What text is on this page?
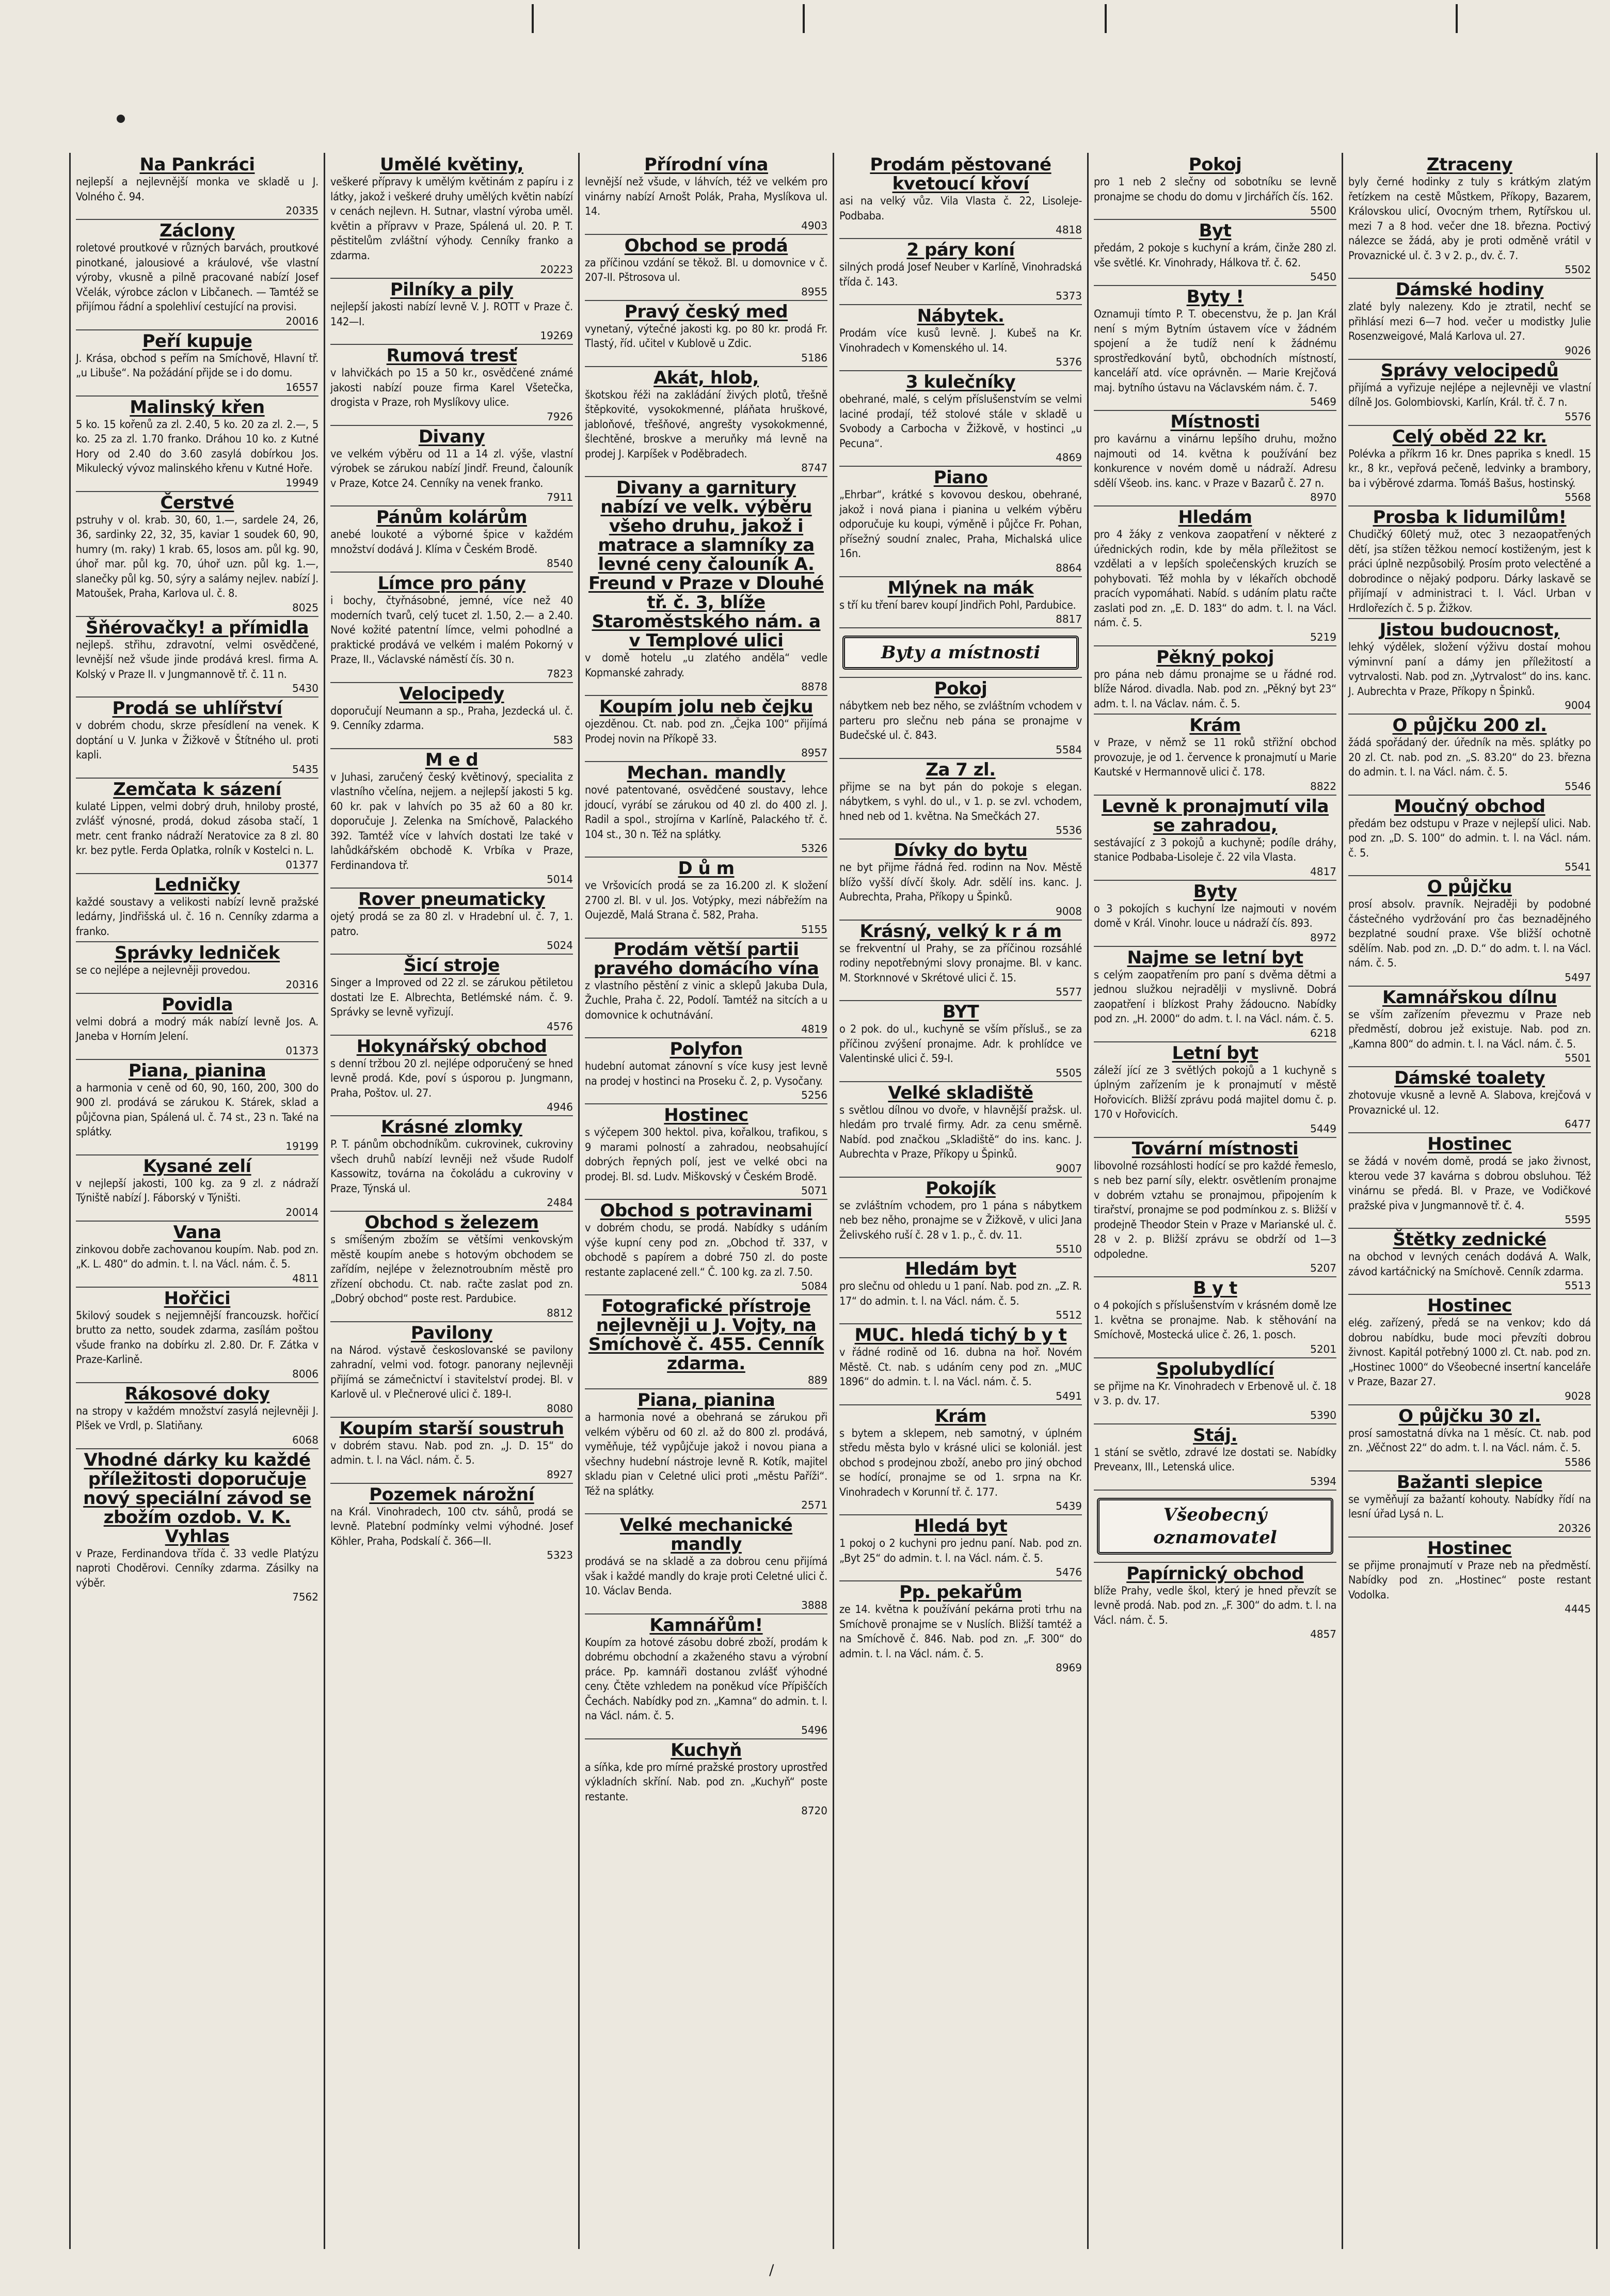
Na Pankráci

nejlepší a nejlevnější monka ve skladě u J. Volného č. 94.

20335
Záclony

roletové proutkové v různých barvách, proutkové pinotkané, jalousiové a kráulové, vše vlastní výroby, vkusně a pilně pracované nabízí Josef Včelák, výrobce záclon v Libčanech. — Tamtéž se přijímou řádní a spolehliví cestující na provisi.

20016
Peří kupuje

J. Krása, obchod s peřím na Smíchově, Hlavní tř. „u Libuše“. Na požádání přijde se i do domu.

16557
Malinský křen

5 ko. 15 kořenů za zl. 2.40, 5 ko. 20 za zl. 2.—, 5 ko. 25 za zl. 1.70 franko. Dráhou 10 ko. z Kutné Hory od 2.40 do 3.60 zasylá dobírkou Jos. Mikulecký vývoz malinského křenu v Kutné Hoře.

19949
Čerstvé

pstruhy v ol. krab. 30, 60, 1.—, sardele 24, 26, 36, sardinky 22, 32, 35, kaviar 1 soudek 60, 90, humry (m. raky) 1 krab. 65, losos am. půl kg. 90, úhoř mar. půl kg. 70, úhoř uzn. půl kg. 1.—, slanečky půl kg. 50, sýry a salámy nejlev. nabízí J. Matoušek, Praha, Karlova ul. č. 8.

8025
Šňérovačky! a přímidla

nejlepš. střihu, zdravotní, velmi osvědčené, levnější než všude jinde prodává kresl. firma A. Kolský v Praze II. v Jungmannově tř. č. 11 n.

5430
Prodá se uhlířství

v dobrém chodu, skrze přesídlení na venek. K doptání u V. Junka v Žižkově v Štítného ul. proti kapli.

5435
Zemčata k sázení

kulaté Lippen, velmi dobrý druh, hniloby prosté, zvlášť výnosné, prodá, dokud zásoba stačí, 1 metr. cent franko nádraží Neratovice za 8 zl. 80 kr. bez pytle. Ferda Oplatka, rolník v Kostelci n. L.

01377
Ledničky

každé soustavy a velikosti nabízí levně pražské ledárny, Jindřišská ul. č. 16 n. Cenníky zdarma a franko.

Správky ledniček

se co nejlépe a nejlevněji provedou.

20316
Povidla

velmi dobrá a modrý mák nabízí levně Jos. A. Janeba v Horním Jelení.

01373
Piana, pianina

a harmonia v ceně od 60, 90, 160, 200, 300 do 900 zl. prodává se zárukou K. Stárek, sklad a půjčovna pian, Spálená ul. č. 74 st., 23 n. Také na splátky.

19199
Kysané zelí

v nejlepší jakosti, 100 kg. za 9 zl. z nádraží Týniště nabízí J. Fáborský v Týništi.

20014
Vana

zinkovou dobře zachovanou koupím. Nab. pod zn. „K. L. 480“ do admin. t. l. na Václ. nám. č. 5.

4811
Hořčici

5kilový soudek s nejjemnější francouzsk. hořčicí brutto za netto, soudek zdarma, zasílám poštou všude franko na dobírku zl. 2.80. Dr. F. Zátka v Praze-Karlině.

8006
Rákosové doky

na stropy v každém množství zasylá nejlevněji J. Plšek ve Vrdl, p. Slatiňany.

6068
Vhodné dárky ku každé příležitosti doporučuje nový speciální závod se zbožím ozdob. V. K. Vyhlas

v Praze, Ferdinandova třída č. 33 vedle Platýzu naproti Choděrovi. Cenníky zdarma. Zásilky na výběr.

7562
Umělé květiny,

veškeré přípravy k umělým květinám z papíru i z látky, jakož i veškeré druhy umělých květin nabízí v cenách nejlevn. H. Sutnar, vlastní výroba uměl. květin a přípravv v Praze, Spálená ul. 20. P. T. pěstitelům zvláštní výhody. Cenníky franko a zdarma.

20223
Pilníky a pily

nejlepší jakosti nabízí levně V. J. ROTT v Praze č. 142—I.

19269
Rumová tresť

v lahvičkách po 15 a 50 kr., osvědčené známé jakosti nabízí pouze firma Karel Všetečka, drogista v Praze, roh Myslíkovy ulice.

7926
Divany

ve velkém výběru od 11 a 14 zl. výše, vlastní výrobek se zárukou nabízí Jindř. Freund, čalouník v Praze, Kotce 24. Cenníky na venek franko.

7911
Pánům kolárům

anebé loukoté a výborné špice v každém množství dodává J. Klíma v Českém Brodě.

8540
Límce pro pány

i bochy, čtyřnásobné, jemné, více než 40 moderních tvarů, celý tucet zl. 1.50, 2.— a 2.40. Nové kožité patentní límce, velmi pohodlné a praktické prodává ve velkém i malém Pokorný v Praze, II., Václavské náměstí čís. 30 n.

7823
Velocipedy

doporučují Neumann a sp., Praha, Jezdecká ul. č. 9. Cenníky zdarma.

583
M e d

v Juhasi, zaručený český květinový, specialita z vlastního včelína, nejjem. a nejlepší jakosti 5 kg. 60 kr. pak v lahvích po 35 až 60 a 80 kr. doporučuje J. Zelenka na Smíchově, Palackého 392. Tamtéž více v lahvích dostati lze také v lahůdkářském obchodě K. Vrbíka v Praze, Ferdinandova tř.

5014
Rover pneumaticky

ojetý prodá se za 80 zl. v Hradební ul. č. 7, 1. patro.

5024
Šicí stroje

Singer a Improved od 22 zl. se zárukou pětiletou dostati lze E. Albrechta, Betlémské nám. č. 9. Správky se levně vyřizují.

4576
Hokynářský obchod

s denní tržbou 20 zl. nejlépe odporučený se hned levně prodá. Kde, poví s úsporou p. Jungmann, Praha, Poštov. ul. 27.

4946
Krásné zlomky

P. T. pánům obchodníkům. cukrovinek, cukroviny všech druhů nabízí levněji než všude Rudolf Kassowitz, továrna na čokoládu a cukroviny v Praze, Týnská ul.

2484
Obchod s železem

s smíšeným zbožím se většími venkovským městě koupím anebe s hotovým obchodem se zařídím, nejlépe v železnotroubním městě pro zřízení obchodu. Ct. nab. račte zaslat pod zn. „Dobrý obchod“ poste rest. Pardubice.

8812
Pavilony

na Národ. výstavě českoslovanské se pavilony zahradní, velmi vod. fotogr. panorany nejlevněji přijímá se zámečnictví i stavitelství prodej. Bl. v Karlově ul. v Plečnerové ulici č. 189-I.

8080
Koupím starší soustruh

v dobrém stavu. Nab. pod zn. „J. D. 15“ do admin. t. l. na Václ. nám. č. 5.

8927
Pozemek nárožní

na Král. Vinohradech, 100 ctv. sáhů, prodá se levně. Platební podmínky velmi výhodné. Josef Köhler, Praha, Podskalí č. 366—II.

5323
Přírodní vína

levnější než všude, v láhvích, též ve velkém pro vinárny nabízí Arnošt Polák, Praha, Myslíkova ul. 14.

4903
Obchod se prodá

za příčinou vzdání se těkož. Bl. u domovnice v č. 207-II. Pštrosova ul.

8955
Pravý český med

vynetaný, výtečné jakosti kg. po 80 kr. prodá Fr. Tlastý, říd. učitel v Kublově u Zdic.

5186
Akát, hlob,

škotskou řéži na zakládání živých plotů, třešně štěpkovité, vysokokmenné, pláňata hruškové, jabloňové, třešňové, angrešty vysokokmenné, šlechtěné, broskve a meruňky má levně na prodej J. Karpíšek v Poděbradech.

8747
Divany a garnitury nabízí ve velk. výběru všeho druhu, jakož i matrace a slamníky za levné ceny čalouník A. Freund v Praze v Dlouhé tř. č. 3, blíže Staroměstského nám. a v Templové ulici

v domě hotelu „u zlatého anděla“ vedle Kopmanské zahrady.

8878
Koupím jolu neb čejku

ojezděnou. Ct. nab. pod zn. „Čejka 100“ přijímá Prodej novin na Příkopě 33.

8957
Mechan. mandly

nové patentované, osvědčené soustavy, lehce jdoucí, vyrábí se zárukou od 40 zl. do 400 zl. J. Radil a spol., strojírna v Karlíně, Palackého tř. č. 104 st., 30 n. Též na splátky.

5326
D ů m

ve Vršovicích prodá se za 16.200 zl. K složení 2700 zl. Bl. v ul. Jos. Votýpky, mezi nábřežím na Oujezdě, Malá Strana č. 582, Praha.

5155
Prodám větší partii pravého domácího vína

z vlastního pěstění z vinic a sklepů Jakuba Dula, Žuchle, Praha č. 22, Podolí. Tamtéž na sitcích a u domovnice k ochutnávání.

4819
Polyfon

hudební automat zánovní s více kusy jest levně na prodej v hostinci na Proseku č. 2, p. Vysočany.

5256
Hostinec

s výčepem 300 hektol. piva, kořalkou, trafikou, s 9 marami polností a zahradou, neobsahující dobrých řepných polí, jest ve velké obci na prodej. Bl. sd. Ludv. Miškovský v Českém Brodě.

5071
Obchod s potravinami

v dobrém chodu, se prodá. Nabídky s udáním výše kupní ceny pod zn. „Obchod tř. 337, v obchodě s papírem a dobré 750 zl. do poste restante zaplacené zell.“ Č. 100 kg. za zl. 7.50.

5084
Fotografické přístroje nejlevněji u J. Vojty, na Smíchově č. 455. Cenník zdarma.
889
Piana, pianina

a harmonia nové a obehraná se zárukou při velkém výběru od 60 zl. až do 800 zl. prodává, vyměňuje, též vypůjčuje jakož i novou piana a všechny hudební nástroje levně R. Kotík, majitel skladu pian v Celetné ulici proti „městu Paříži“. Též na splátky.

2571
Velké mechanické mandly

prodává se na skladě a za dobrou cenu přijímá však i každé mandly do kraje proti Celetné ulici č. 10. Václav Benda.

3888
Kamnářům!

Koupím za hotové zásobu dobré zboží, prodám k dobrému obchodní a zkaženého stavu a výrobní práce. Pp. kamnáři dostanou zvlášť výhodné ceny. Čtěte vzhledem na poněkud více Přípiščích Čechách. Nabídky pod zn. „Kamna“ do admin. t. l. na Václ. nám. č. 5.

5496
Kuchyň

a síňka, kde pro mírné pražské prostory uprostřed výkladních skříní. Nab. pod zn. „Kuchyň“ poste restante.

8720
Prodám pěstované kvetoucí křoví

asi na velký vůz. Vila Vlasta č. 22, Lisoleje-Podbaba.

4818
2 páry koní

silných prodá Josef Neuber v Karlíně, Vinohradská třída č. 143.

5373
Nábytek.

Prodám více kusů levně. J. Kubeš na Kr. Vinohradech v Komenského ul. 14.

5376
3 kulečníky

obehrané, malé, s celým příslušenstvím se velmi laciné prodají, též stolové stále v skladě u Svobody a Carbocha v Žižkově, v hostinci „u Pecuna“.

4869
Piano

„Ehrbar“, krátké s kovovou deskou, obehrané, jakož i nová piana i pianina u velkém výběru odporučuje ku koupi, výměně i půjčce Fr. Pohan, přísežný soudní znalec, Praha, Michalská ulice 16n.

8864
Mlýnek na mák

s tří ku tření barev koupí Jindřich Pohl, Pardubice.

8817
Byty a místnosti
Pokoj

nábytkem neb bez něho, se zvláštním vchodem v parteru pro slečnu neb pána se pronajme v Budečské ul. č. 843.

5584
Za 7 zl.

přijme se na byt pán do pokoje s elegan. nábytkem, s vyhl. do ul., v 1. p. se zvl. vchodem, hned neb od 1. května. Na Smečkách 27.

5536
Dívky do bytu

ne byt přijme řádná řed. rodinn na Nov. Městě blížo vyšší dívčí školy. Adr. sdělí ins. kanc. J. Aubrechta, Praha, Příkopy u Špinků.

9008
Krásný, velký k r á m

se frekventní ul Prahy, se za příčinou rozsáhlé rodiny nepotřebnými slovy pronajme. Bl. v kanc. M. Storknnové v Skrétové ulici č. 15.

5577
BYT

o 2 pok. do ul., kuchyně se vším přísluš., se za příčinou zvýšení pronajme. Adr. k prohlídce ve Valentinské ulici č. 59-I.

5505
Velké skladiště

s světlou dílnou vo dvoře, v hlavnější pražsk. ul. hledám pro trvalé firmy. Adr. za cenu směrně. Nabíd. pod značkou „Skladiště“ do ins. kanc. J. Aubrechta v Praze, Příkopy u Špinků.

9007
Pokojík

se zvláštním vchodem, pro 1 pána s nábytkem neb bez něho, pronajme se v Žižkově, v ulici Jana Želivského ruší č. 28 v 1. p., č. dv. 11.

5510
Hledám byt

pro slečnu od ohledu u 1 paní. Nab. pod zn. „Z. R. 17“ do admin. t. l. na Václ. nám. č. 5.

5512
MUC. hledá tichý b y t

v řádné rodině od 16. dubna na hoř. Novém Městě. Ct. nab. s udáním ceny pod zn. „MUC 1896“ do admin. t. l. na Václ. nám. č. 5.

5491
Krám

s bytem a sklepem, neb samotný, v úplném středu města bylo v krásné ulici se koloniál. jest obchod s prodejnou zboží, anebo pro jiný obchod se hodící, pronajme se od 1. srpna na Kr. Vinohradech v Korunní tř. č. 177.

5439
Hledá byt

1 pokoj o 2 kuchyni pro jednu paní. Nab. pod zn. „Byt 25“ do admin. t. l. na Václ. nám. č. 5.

5476
Pp. pekařům

ze 14. května k používání pekárna proti trhu na Smíchově pronajme se v Nuslích. Bližší tamtéž a na Smíchově č. 846. Nab. pod zn. „F. 300“ do admin. t. l. na Václ. nám. č. 5.

8969
Pokoj

pro 1 neb 2 slečny od sobotníku se levně pronajme se chodu do domu v Jirchářích čís. 162.

5500
Byt

předám, 2 pokoje s kuchyní a krám, činže 280 zl. vše světlé. Kr. Vinohrady, Hálkova tř. č. 62.

5450
Byty !

Oznamuji tímto P. T. obecenstvu, že p. Jan Král není s mým Bytním ústavem více v žádném spojení a že tudíž není k žádnému sprostředkování bytů, obchodních místností, kanceláří atd. více oprávněn. — Marie Krejčová maj. bytního ústavu na Václavském nám. č. 7.

5469
Místnosti

pro kavárnu a vinárnu lepšího druhu, možno najmouti od 14. května k používání bez konkurence v novém domě u nádraží. Adresu sdělí Všeob. ins. kanc. v Praze v Bazarů č. 27 n.

8970
Hledám

pro 4 žáky z venkova zaopatření v některé z úřednických rodin, kde by měla příležitost se vzdělati a v lepších společenských kruzích se pohybovati. Též mohla by v lékařích obchodě pracích vypomáhati. Nabíd. s udáním platu račte zaslati pod zn. „E. D. 183“ do adm. t. l. na Václ. nám. č. 5.

5219
Pěkný pokoj

pro pána neb dámu pronajme se u řádné rod. blíže Národ. divadla. Nab. pod zn. „Pěkný byt 23“ adm. t. l. na Václav. nám. č. 5.

Krám

v Praze, v němž se 11 roků střižní obchod provozuje, je od 1. července k pronajmutí u Marie Kautské v Hermannově ulici č. 178.

8822
Levně k pronajmutí vila se zahradou,

sestávající z 3 pokojů a kuchyně; podíle dráhy, stanice Podbaba-Lisoleje č. 22 vila Vlasta.

4817
Byty

o 3 pokojích s kuchyní lze najmouti v novém domě v Král. Vinohr. louce u nádraží čís. 893.

8972
Najme se letní byt

s celým zaopatřením pro paní s dvěma dětmi a jednou služkou nejradělji v myslivně. Dobrá zaopatření i blízkost Prahy žádoucno. Nabídky pod zn. „H. 2000“ do adm. t. l. na Václ. nám. č. 5.

6218
Letní byt

záleží jící ze 3 světlých pokojů a 1 kuchyně s úplným zařízením je k pronajmutí v městě Hořovicích. Bližší zprávu podá majitel domu č. p. 170 v Hořovicích.

5449
Tovární místnosti

libovolné rozsáhlosti hodící se pro každé řemeslo, s neb bez parní síly, elektr. osvětlením pronajme v dobrém vztahu se pronajmou, připojením k tirařství, pronajme se pod podmínkou z. s. Bližší v prodejně Theodor Stein v Praze v Marianské ul. č. 28 v 2. p. Bližší zprávu se obdrží od 1—3 odpoledne.

5207
B y t

o 4 pokojích s příslušenstvím v krásném domě lze 1. května se pronajme. Nab. k stěhování na Smíchově, Mostecká ulice č. 26, 1. posch.

5201
Spolubydlící

se přijme na Kr. Vinohradech v Erbenově ul. č. 18 v 3. p. dv. 17.

5390
Stáj.

1 stání se světlo, zdravé lze dostati se. Nabídky Preveanx, III., Letenská ulice.

5394
Všeobecný oznamovatel
Papírnický obchod

blíže Prahy, vedle škol, který je hned převzít se levně prodá. Nab. pod zn. „F. 300“ do adm. t. l. na Václ. nám. č. 5.

4857
Ztraceny

byly černé hodinky z tuly s krátkým zlatým řetízkem na cestě Můstkem, Příkopy, Bazarem, Královskou ulicí, Ovocným trhem, Rytířskou ul. mezi 7 a 8 hod. večer dne 18. března. Poctivý nálezce se žádá, aby je proti odměně vrátil v Provaznické ul. č. 3 v 2. p., dv. č. 7.

5502
Dámské hodiny

zlaté byly nalezeny. Kdo je ztratil, nechť se přihlásí mezi 6—7 hod. večer u modistky Julie Rosenzweigové, Malá Karlova ul. 27.

9026
Správy velocipedů

přijímá a vyřizuje nejlépe a nejlevněji ve vlastní dílně Jos. Golombiovski, Karlín, Král. tř. č. 7 n.

5576
Celý oběd 22 kr.

Polévka a příkrm 16 kr. Dnes paprika s knedl. 15 kr., 8 kr., vepřová pečeně, ledvinky a brambory, ba i výběrové zdarma. Tomáš Bašus, hostinský.

5568
Prosba k lidumilům!

Chudičký 60letý muž, otec 3 nezaopatřených dětí, jsa stížen těžkou nemocí kostiženým, jest k práci úplně nezpůsobilý. Prosím proto velectěné a dobrodince o nějaký podporu. Dárky laskavě se přijímají v administraci t. l. Václ. Urban v Hrdlořezích č. 5 p. Žižkov.

Jistou budoucnost,

lehký výdělek, složení výživu dostaí mohou výminvní paní a dámy jen příležitostí a vytrvalosti. Nab. pod zn. „Vytrvalost“ do ins. kanc. J. Aubrechta v Praze, Příkopy n Špinků.

9004
O půjčku 200 zl.

žádá spořádaný der. úředník na měs. splátky po 20 zl. Ct. nab. pod zn. „S. 83.20“ do 23. března do admin. t. l. na Václ. nám. č. 5.

5546
Moučný obchod

předám bez odstupu v Praze v nejlepší ulici. Nab. pod zn. „D. S. 100“ do admin. t. l. na Václ. nám. č. 5.

5541
O půjčku

prosí absolv. pravník. Nejraději by podobné částečného vydržování pro čas beznadějného bezplatné soudní praxe. Vše bližší ochotně sdělím. Nab. pod zn. „D. D.“ do adm. t. l. na Václ. nám. č. 5.

5497
Kamnářskou dílnu

se vším zařízením převezmu v Praze neb předměstí, dobrou jež existuje. Nab. pod zn. „Kamna 800“ do admin. t. l. na Václ. nám. č. 5.

5501
Dámské toalety

zhotovuje vkusně a levně A. Slabova, krejčová v Provaznické ul. 12.

6477
Hostinec

se žádá v novém domě, prodá se jako živnost, kterou vede 37 kavárna s dobrou obsluhou. Též vinárnu se předá. Bl. v Praze, ve Vodičkové pražské piva v Jungmannově tř. č. 4.

5595
Štětky zednické

na obchod v levných cenách dodává A. Walk, závod kartáčnický na Smíchově. Cenník zdarma.

5513
Hostinec

elég. zařízený, předá se na venkov; kdo dá dobrou nabídku, bude moci převzíti dobrou živnost. Kapitál potřebný 1000 zl. Ct. nab. pod zn. „Hostinec 1000“ do Všeobecné insertní kanceláře v Praze, Bazar 27.

9028
O půjčku 30 zl.

prosí samostatná dívka na 1 měsíc. Ct. nab. pod zn. „Věčnost 22“ do adm. t. l. na Václ. nám. č. 5.

5586
Bažanti slepice

se vyměňují za bažantí kohouty. Nabídky řídí na lesní úřad Lysá n. L.

20326
Hostinec

se přijme pronajmutí v Praze neb na předměstí. Nabídky pod zn. „Hostinec“ poste restant Vodolka.

4445
/
